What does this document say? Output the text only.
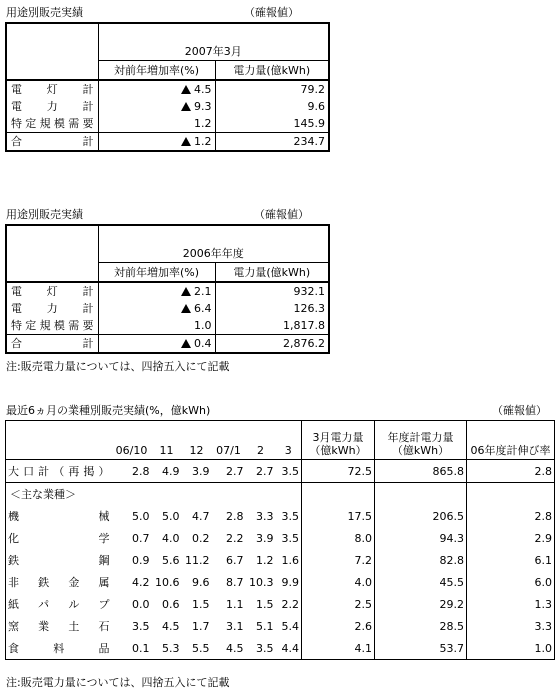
用途別販売実績	（確報値）
	2007年3月	
	対前年増加率(%)	電力量(億kWh)
電灯計	4.5	79.2
電力計	9.3	9.6
特定規模需要	1.2	145.9
合計	1.2	234.7
用途別販売実績	（確報値）
	2006年年度	
	対前年増加率(%)	電力量(億kWh)
電灯計	2.1	932.1
電力計	6.4	126.3
特定規模需要	1.0	1,817.8
合計	0.4	2,876.2
注:販売電力量については、四捨五入にて記載
最近6ヵ月の業種別販売実績(%，億kWh)	（確報値）
	06/10	11	12	07/1	2	3	3月電力量（億kWh）	年度計電力量（億kWh）	06年度計伸び率
大口計（再掲）	2.8	4.9	3.9	2.7	2.7	3.5	72.5	865.8	2.8
＜主な業種＞									
機械	5.0	5.0	4.7	2.8	3.3	3.5	17.5	206.5	2.8
化学	0.7	4.0	0.2	2.2	3.9	3.5	8.0	94.3	2.9
鉄鋼	0.9	5.6	11.2	6.7	1.2	1.6	7.2	82.8	6.1
非鉄金属	4.2	10.6	9.6	8.7	10.3	9.9	4.0	45.5	6.0
紙パルプ	0.0	0.6	1.5	1.1	1.5	2.2	2.5	29.2	1.3
窯業土石	3.5	4.5	1.7	3.1	5.1	5.4	2.6	28.5	3.3
食料品	0.1	5.3	5.5	4.5	3.5	4.4	4.1	53.7	1.0
注:販売電力量については、四捨五入にて記載
